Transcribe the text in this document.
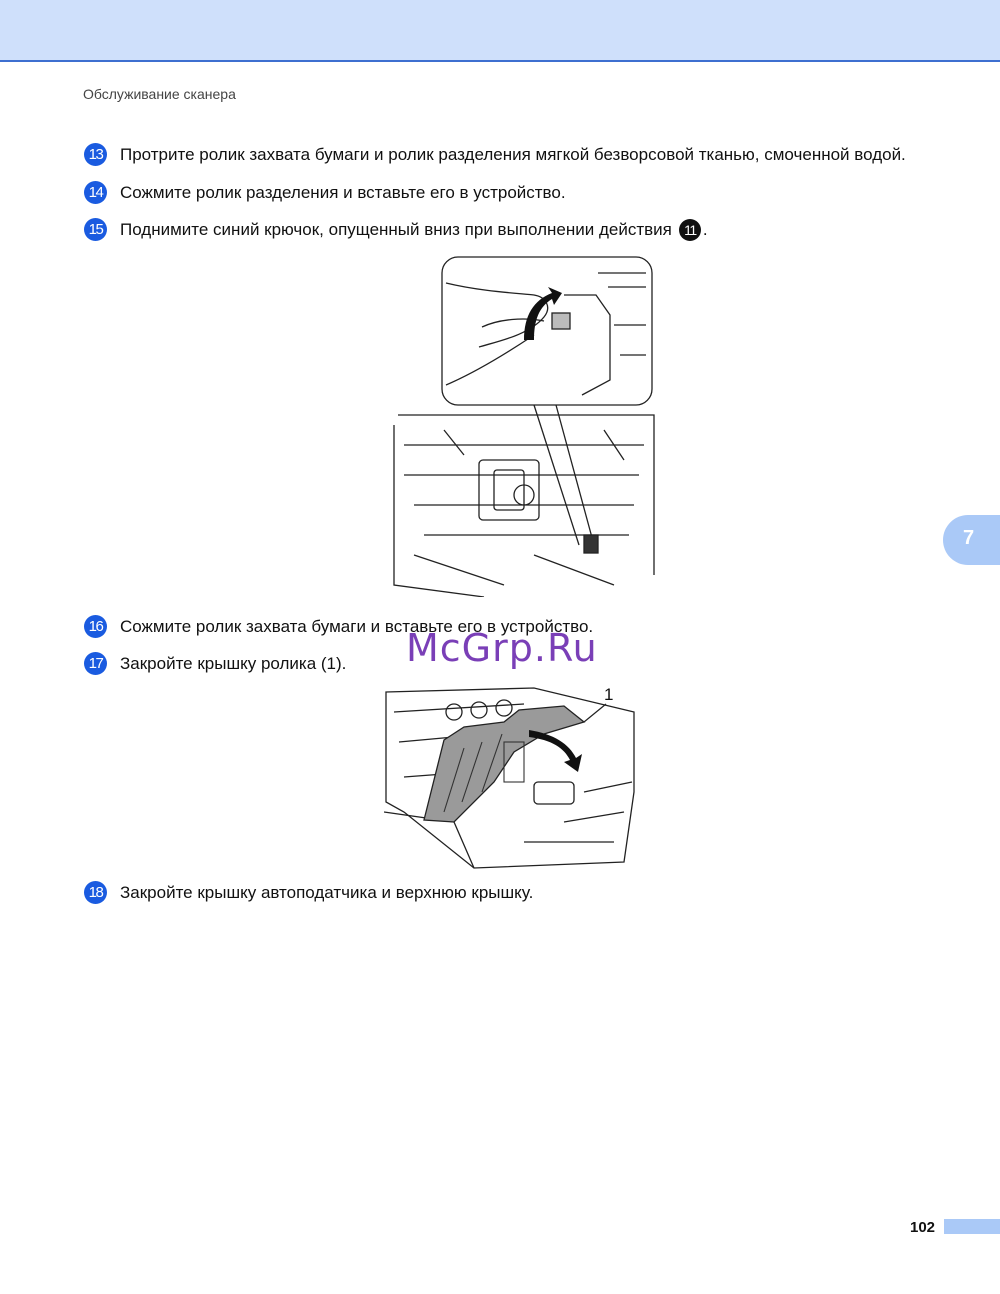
Обслуживание сканера
13 Протрите ролик захвата бумаги и ролик разделения мягкой безворсовой тканью, смоченной водой.
14 Сожмите ролик разделения и вставьте его в устройство.
15 Поднимите синий крючок, опущенный вниз при выполнении действия 11 .
7
16 Сожмите ролик захвата бумаги и вставьте его в устройство.
McGrp.Ru
17 Закройте крышку ролика (1).
1
18 Закройте крышку автоподатчика и верхнюю крышку.
102
